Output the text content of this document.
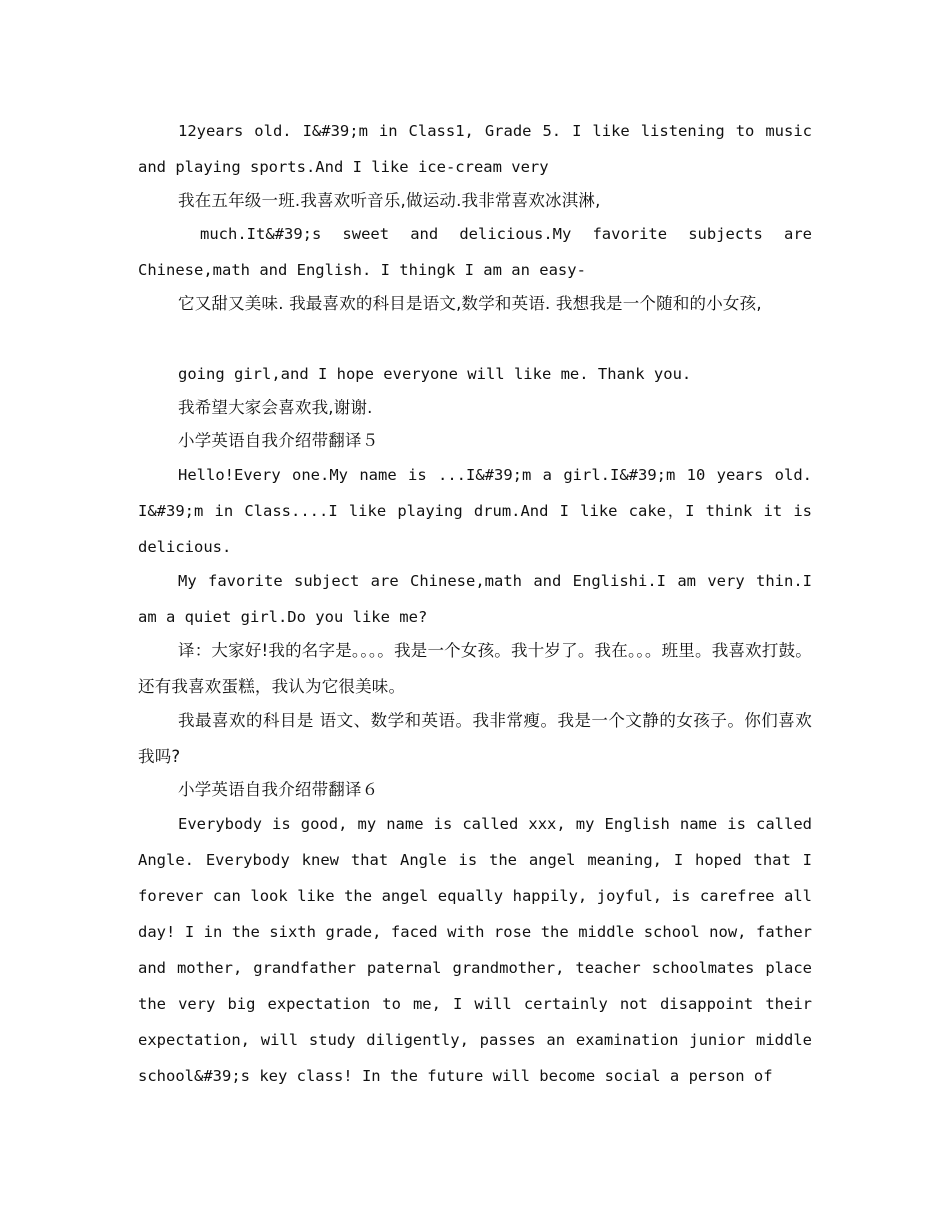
12years old. I&#39;m in Class1, Grade 5. I like listening to music and playing sports.And I like ice-cream very

我在五年级一班.我喜欢听音乐,做运动.我非常喜欢冰淇淋,

much.It&#39;s sweet and delicious.My favorite subjects are Chinese,math and English. I thingk I am an easy-

它又甜又美味. 我最喜欢的科目是语文,数学和英语. 我想我是一个随和的小女孩,

going girl,and I hope everyone will like me. Thank you.

我希望大家会喜欢我,谢谢.

小学英语自我介绍带翻译５

Hello!Every one.My name is ...I&#39;m a girl.I&#39;m 10 years old. I&#39;m in Class....I like playing drum.And I like cake，I think it is delicious.

My favorite subject are Chinese,math and Englishi.I am very thin.I am a quiet girl.Do you like me?

译：大家好!我的名字是。。。。我是一个女孩。我十岁了。我在。。。班里。我喜欢打鼓。还有我喜欢蛋糕，我认为它很美味。

我最喜欢的科目是 语文、数学和英语。我非常瘦。我是一个文静的女孩子。你们喜欢我吗?

小学英语自我介绍带翻译６

Everybody is good, my name is called xxx, my English name is called Angle. Everybody knew that Angle is the angel meaning, I hoped that I forever can look like the angel equally happily, joyful, is carefree all day! I in the sixth grade, faced with rose the middle school now, father and mother, grandfather paternal grandmother, teacher schoolmates place the very big expectation to me, I will certainly not disappoint their expectation, will study diligently, passes an examination junior middle school&#39;s key class! In the future will become social a person of
